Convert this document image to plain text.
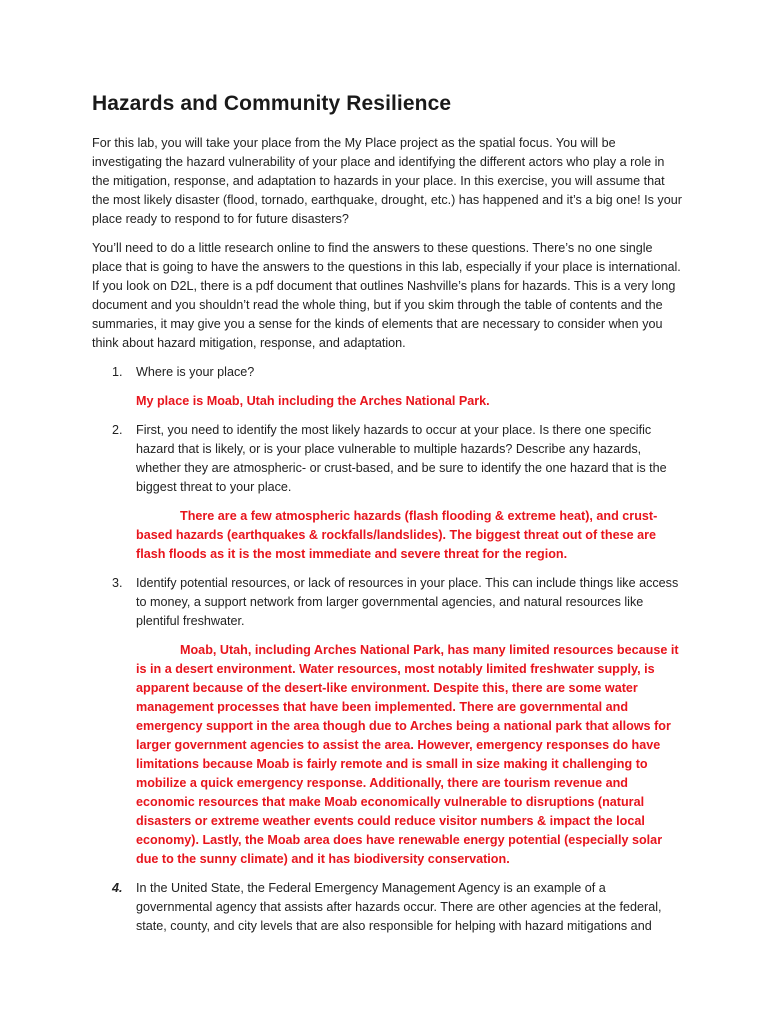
Hazards and Community Resilience

For this lab, you will take your place from the My Place project as the spatial focus. You will be investigating the hazard vulnerability of your place and identifying the different actors who play a role in the mitigation, response, and adaptation to hazards in your place. In this exercise, you will assume that the most likely disaster (flood, tornado, earthquake, drought, etc.) has happened and it’s a big one! Is your place ready to respond to for future disasters?

You’ll need to do a little research online to find the answers to these questions. There’s no one single place that is going to have the answers to the questions in this lab, especially if your place is international. If you look on D2L, there is a pdf document that outlines Nashville’s plans for hazards. This is a very long document and you shouldn’t read the whole thing, but if you skim through the table of contents and the summaries, it may give you a sense for the kinds of elements that are necessary to consider when you think about hazard mitigation, response, and adaptation.

1. Where is your place?

My place is Moab, Utah including the Arches National Park.

2. First, you need to identify the most likely hazards to occur at your place. Is there one specific hazard that is likely, or is your place vulnerable to multiple hazards? Describe any hazards, whether they are atmospheric- or crust-based, and be sure to identify the one hazard that is the biggest threat to your place.

There are a few atmospheric hazards (flash flooding & extreme heat), and crust-based hazards (earthquakes & rockfalls/landslides). The biggest threat out of these are flash floods as it is the most immediate and severe threat for the region.

3. Identify potential resources, or lack of resources in your place. This can include things like access to money, a support network from larger governmental agencies, and natural resources like plentiful freshwater.

Moab, Utah, including Arches National Park, has many limited resources because it is in a desert environment. Water resources, most notably limited freshwater supply, is apparent because of the desert-like environment. Despite this, there are some water management processes that have been implemented. There are governmental and emergency support in the area though due to Arches being a national park that allows for larger government agencies to assist the area. However, emergency responses do have limitations because Moab is fairly remote and is small in size making it challenging to mobilize a quick emergency response. Additionally, there are tourism revenue and economic resources that make Moab economically vulnerable to disruptions (natural disasters or extreme weather events could reduce visitor numbers & impact the local economy). Lastly, the Moab area does have renewable energy potential (especially solar due to the sunny climate) and it has biodiversity conservation.

4. In the United State, the Federal Emergency Management Agency is an example of a governmental agency that assists after hazards occur. There are other agencies at the federal, state, county, and city levels that are also responsible for helping with hazard mitigations and
